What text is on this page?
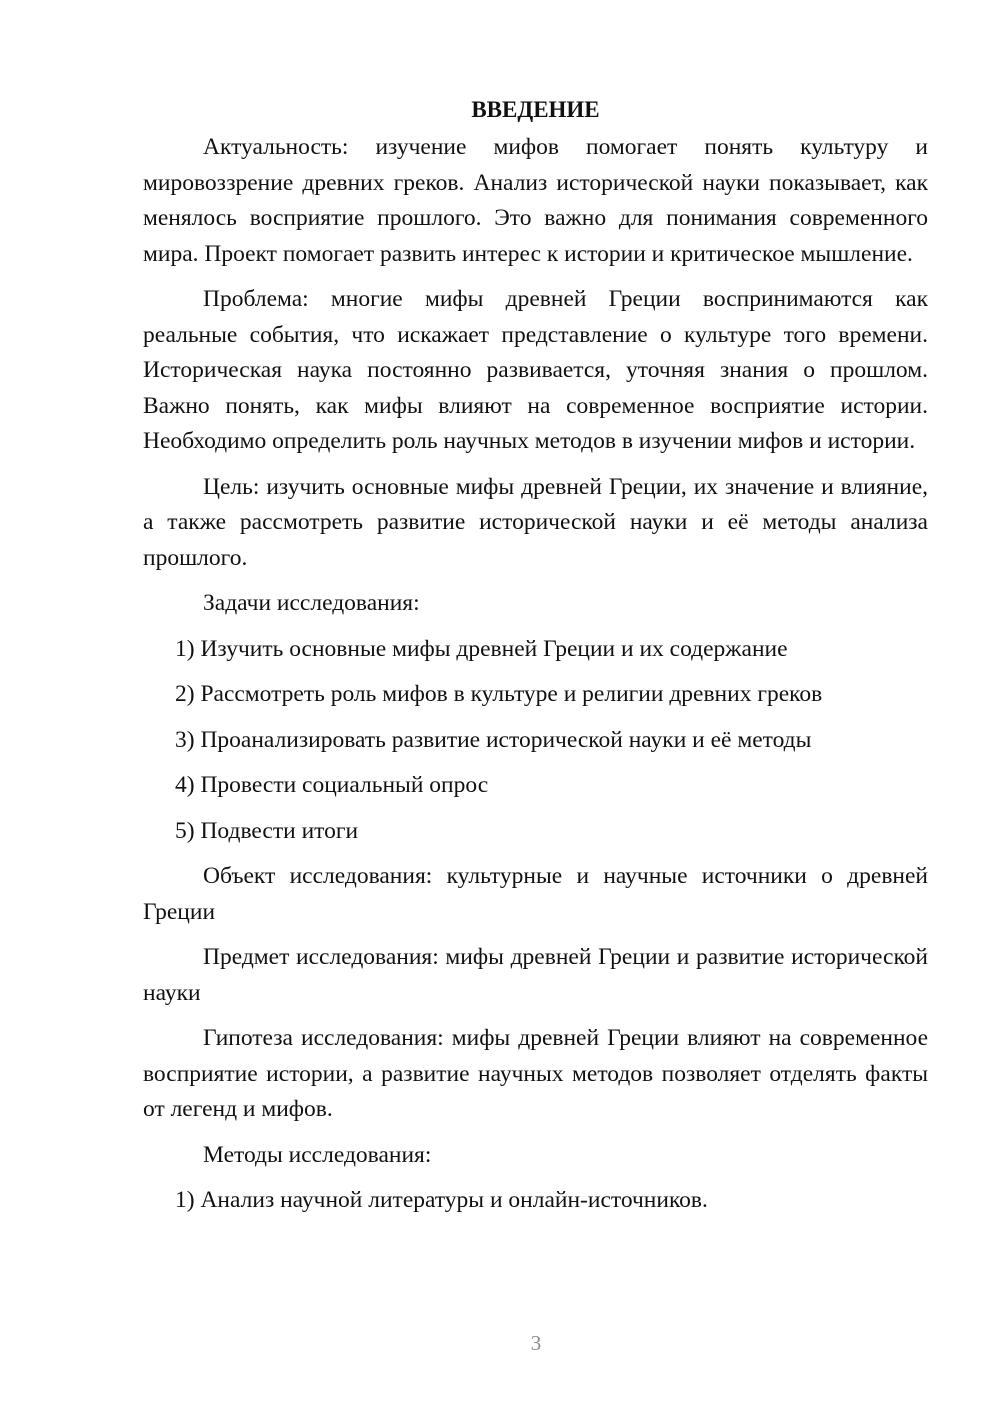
ВВЕДЕНИЕ

Актуальность: изучение мифов помогает понять культуру и мировоззрение древних греков. Анализ исторической науки показывает, как менялось восприятие прошлого. Это важно для понимания современного мира. Проект помогает развить интерес к истории и критическое мышление.

Проблема: многие мифы древней Греции воспринимаются как реальные события, что искажает представление о культуре того времени. Историческая наука постоянно развивается, уточняя знания о прошлом. Важно понять, как мифы влияют на современное восприятие истории. Необходимо определить роль научных методов в изучении мифов и истории.

Цель: изучить основные мифы древней Греции, их значение и влияние, а также рассмотреть развитие исторической науки и её методы анализа прошлого.

Задачи исследования:

1) Изучить основные мифы древней Греции и их содержание
2) Рассмотреть роль мифов в культуре и религии древних греков
3) Проанализировать развитие исторической науки и её методы
4) Провести социальный опрос
5) Подвести итоги

Объект исследования: культурные и научные источники о древней Греции

Предмет исследования: мифы древней Греции и развитие исторической науки

Гипотеза исследования: мифы древней Греции влияют на современное восприятие истории, а развитие научных методов позволяет отделять факты от легенд и мифов.

Методы исследования:

1) Анализ научной литературы и онлайн-источников.
3
